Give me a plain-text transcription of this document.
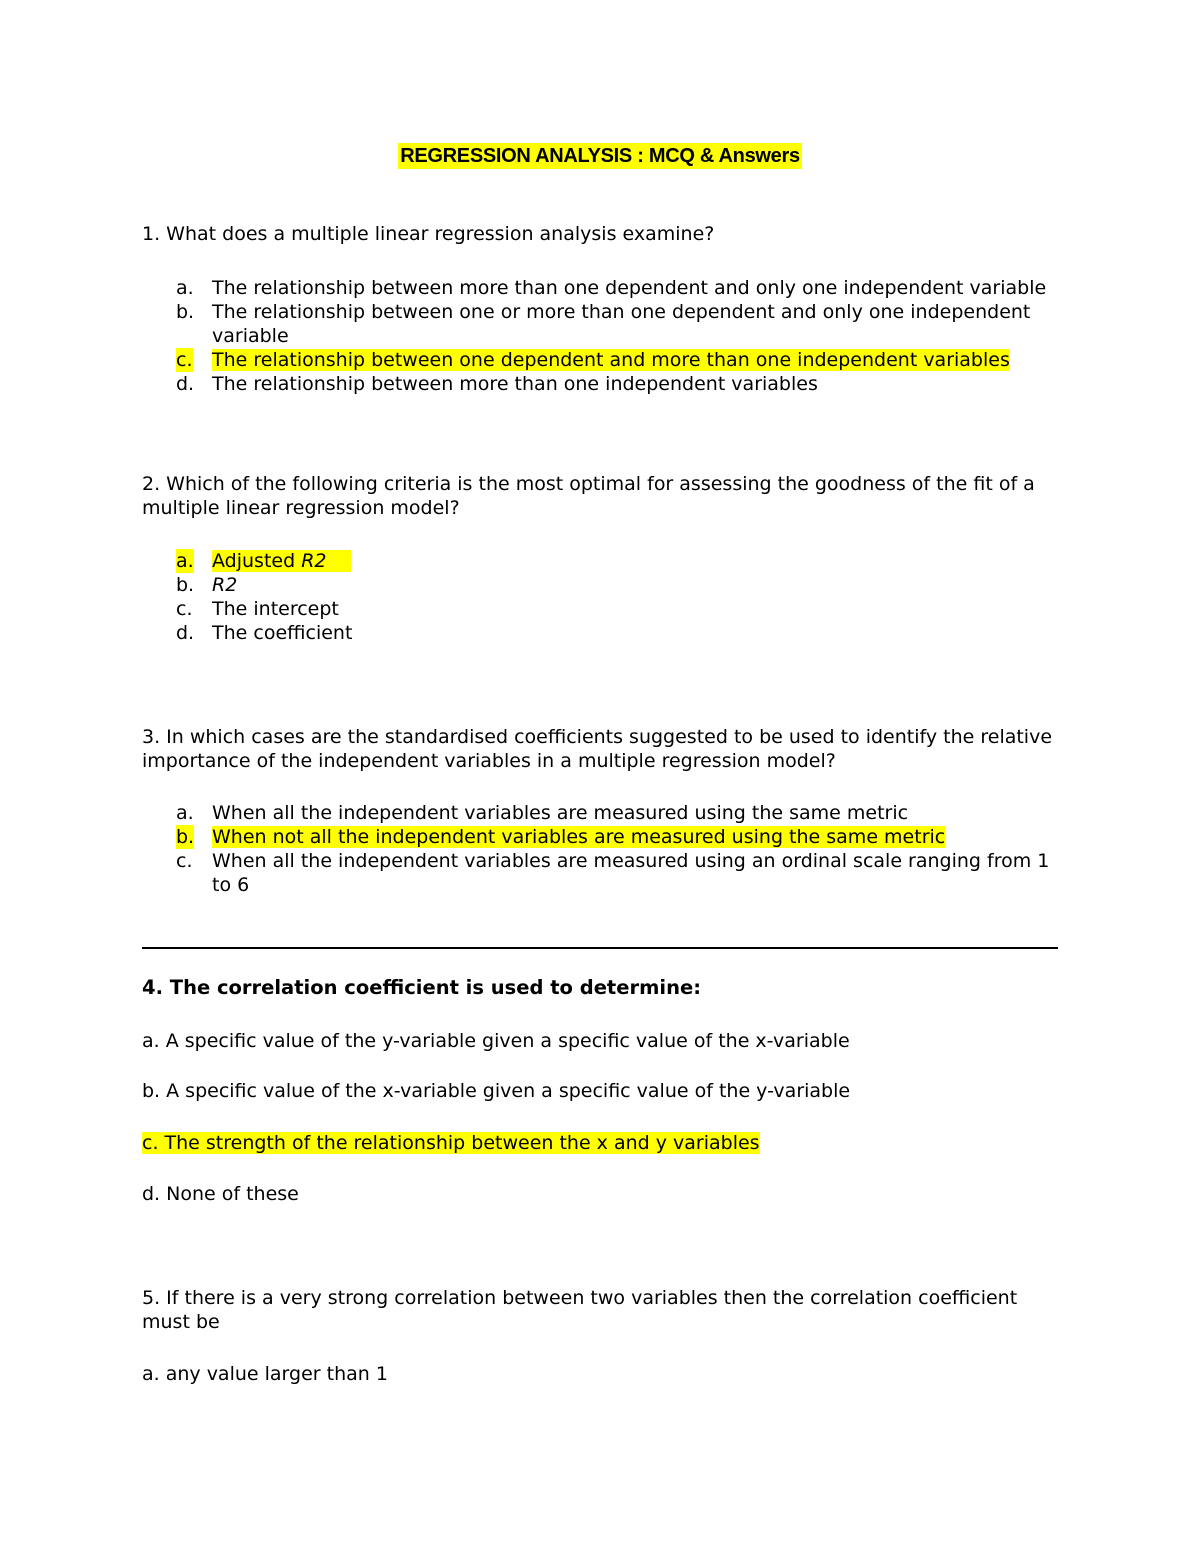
REGRESSION ANALYSIS : MCQ & Answers
1. What does a multiple linear regression analysis examine?
a. The relationship between more than one dependent and only one independent variable
b. The relationship between one or more than one dependent and only one independent variable
c. The relationship between one dependent and more than one independent variables
d. The relationship between more than one independent variables
2. Which of the following criteria is the most optimal for assessing the goodness of the fit of a multiple linear regression model?
a. Adjusted R2
b. R2
c. The intercept
d. The coefficient
3. In which cases are the standardised coefficients suggested to be used to identify the relative importance of the independent variables in a multiple regression model?
a. When all the independent variables are measured using the same metric
b. When not all the independent variables are measured using the same metric
c. When all the independent variables are measured using an ordinal scale ranging from 1 to 6
4. The correlation coefficient is used to determine:
a. A specific value of the y-variable given a specific value of the x-variable
b. A specific value of the x-variable given a specific value of the y-variable
c. The strength of the relationship between the x and y variables
d. None of these
5. If there is a very strong correlation between two variables then the correlation coefficient must be
a. any value larger than 1
